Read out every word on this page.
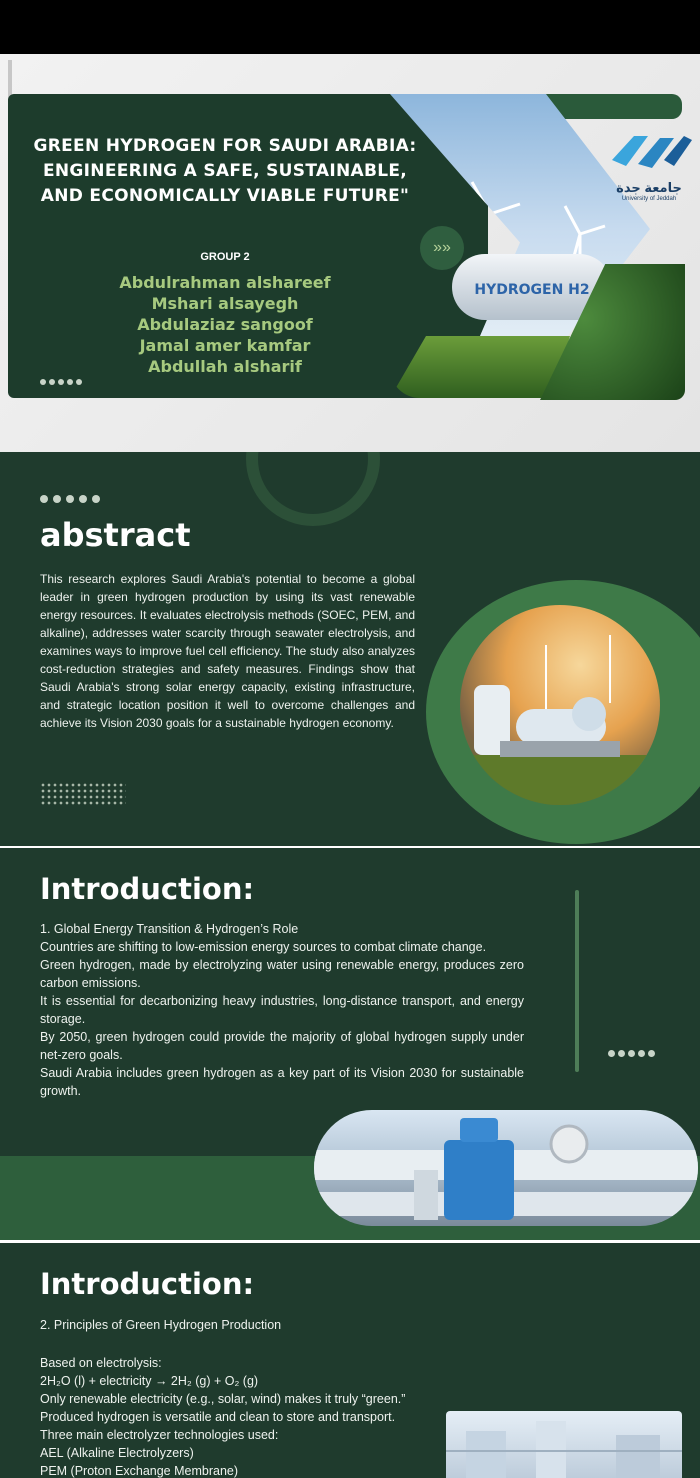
HYDROGEN H2
»»
جامعة جدة
University of Jeddah
GREEN HYDROGEN FOR SAUDI ARABIA: ENGINEERING A SAFE, SUSTAINABLE, AND ECONOMICALLY VIABLE FUTURE"
GROUP 2
Abdulrahman alshareef
Mshari alsayegh
Abdulaziaz sangoof
Jamal amer kamfar
Abdullah alsharif
abstract

This research explores Saudi Arabia's potential to become a global leader in green hydrogen production by using its vast renewable energy resources. It evaluates electrolysis methods (SOEC, PEM, and alkaline), addresses water scarcity through seawater electrolysis, and examines ways to improve fuel cell efficiency. The study also analyzes cost-reduction strategies and safety measures. Findings show that Saudi Arabia's strong solar energy capacity, existing infrastructure, and strategic location position it well to overcome challenges and achieve its Vision 2030 goals for a sustainable hydrogen economy.

Introduction:
1. Global Energy Transition & Hydrogen’s Role
Countries are shifting to low-emission energy sources to combat climate change.
Green hydrogen, made by electrolyzing water using renewable energy, produces zero carbon emissions.
It is essential for decarbonizing heavy industries, long-distance transport, and energy storage.
By 2050, green hydrogen could provide the majority of global hydrogen supply under net-zero goals.
Saudi Arabia includes green hydrogen as a key part of its Vision 2030 for sustainable growth.
Introduction:
2. Principles of Green Hydrogen Production
Based on electrolysis:
2H₂O (l) + electricity → 2H₂ (g) + O₂ (g)
Only renewable electricity (e.g., solar, wind) makes it truly “green.”
Produced hydrogen is versatile and clean to store and transport.
Three main electrolyzer technologies used:
AEL (Alkaline Electrolyzers)
PEM (Proton Exchange Membrane)
